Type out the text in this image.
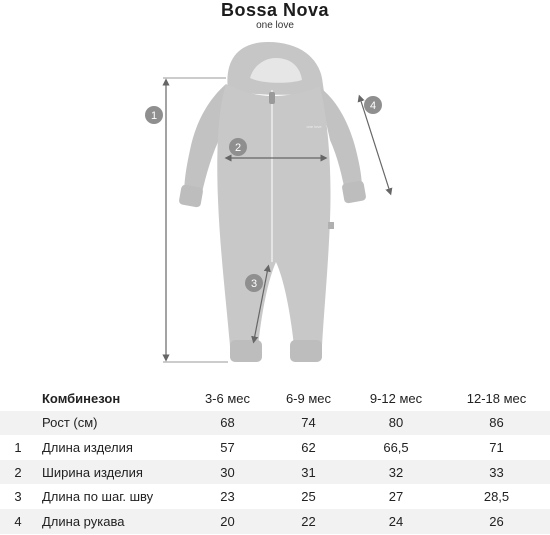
Bossa Nova
one love
one love
1
2
3
4
	Комбинезон	3-6 мес	6-9 мес	9-12 мес	12-18 мес
	Рост (см)	68	74	80	86
1	Длина изделия	57	62	66,5	71
2	Ширина изделия	30	31	32	33
3	Длина по шаг. шву	23	25	27	28,5
4	Длина рукава	20	22	24	26
